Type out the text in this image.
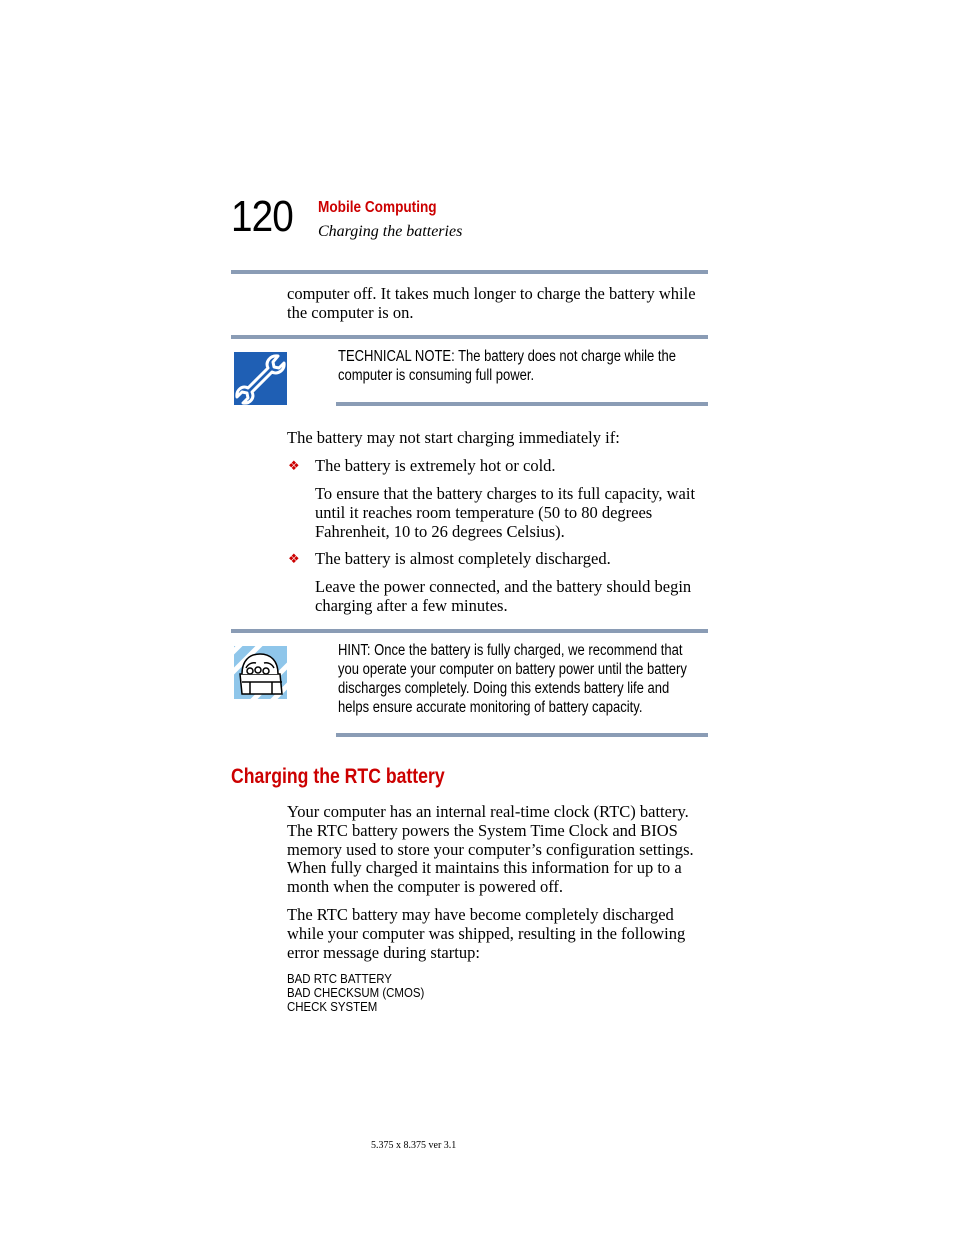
120 Mobile Computing
Charging the batteries
computer off. It takes much longer to charge the battery while
the computer is on.
TECHNICAL NOTE: The battery does not charge while the
computer is consuming full power.
The battery may not start charging immediately if:
❖ The battery is extremely hot or cold.
To ensure that the battery charges to its full capacity, wait
until it reaches room temperature (50 to 80 degrees
Fahrenheit, 10 to 26 degrees Celsius).
❖ The battery is almost completely discharged.
Leave the power connected, and the battery should begin
charging after a few minutes.
HINT: Once the battery is fully charged, we recommend that
you operate your computer on battery power until the battery
discharges completely. Doing this extends battery life and
helps ensure accurate monitoring of battery capacity.
Charging the RTC battery
Your computer has an internal real-time clock (RTC) battery.
The RTC battery powers the System Time Clock and BIOS
memory used to store your computer’s configuration settings.
When fully charged it maintains this information for up to a
month when the computer is powered off.
The RTC battery may have become completely discharged
while your computer was shipped, resulting in the following
error message during startup:
BAD RTC BATTERY
BAD CHECKSUM (CMOS)
CHECK SYSTEM
5.375 x 8.375 ver 3.1
